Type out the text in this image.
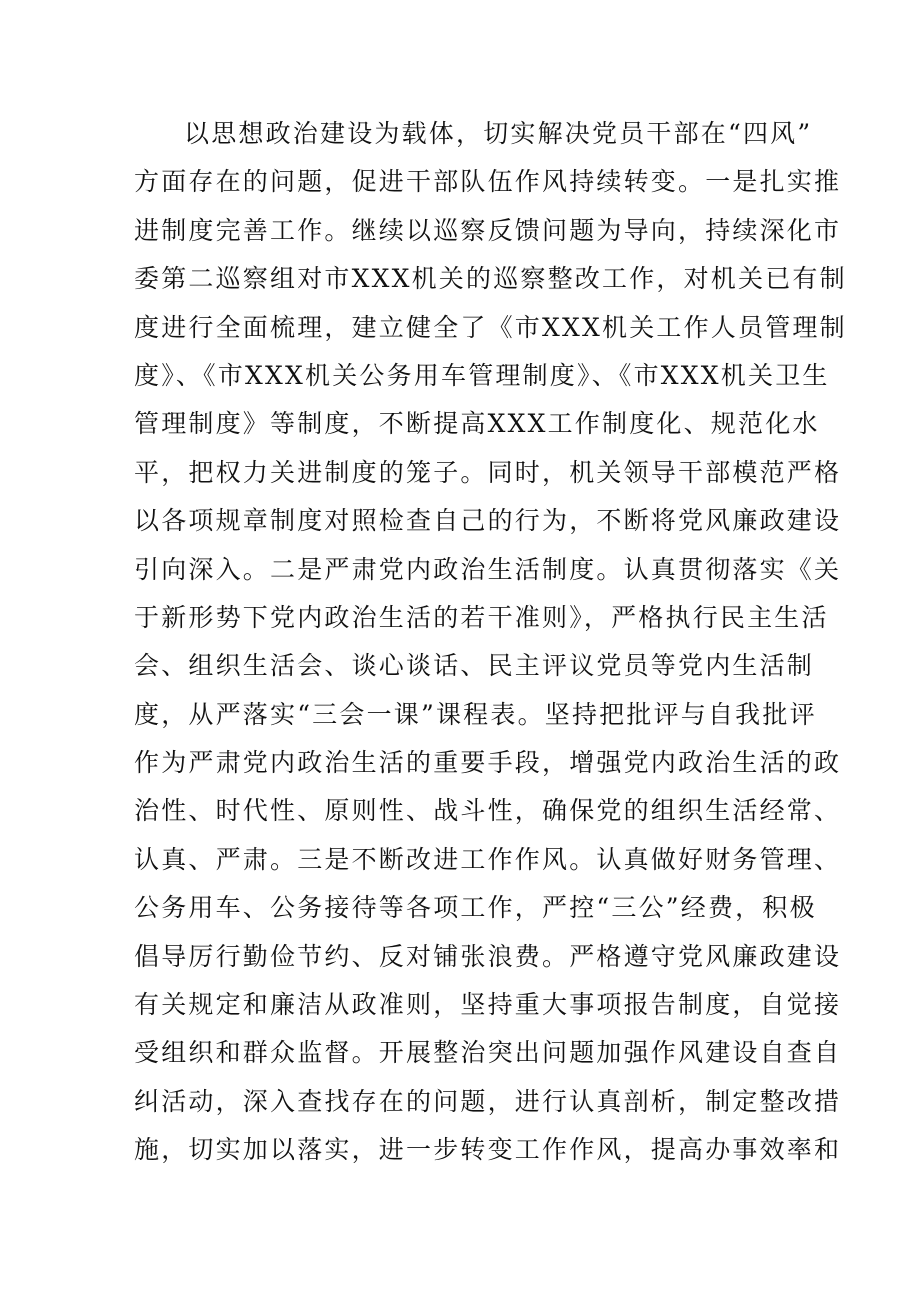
以思想政治建设为载体，切实解决党员干部在“四风”
方面存在的问题，促进干部队伍作风持续转变。一是扎实推
进制度完善工作。继续以巡察反馈问题为导向，持续深化市
委第二巡察组对市XXX机关的巡察整改工作，对机关已有制
度进行全面梳理，建立健全了《市XXX机关工作人员管理制
度》、《市XXX机关公务用车管理制度》、《市XXX机关卫生
管理制度》等制度，不断提高XXX工作制度化、规范化水
平，把权力关进制度的笼子。同时，机关领导干部模范严格
以各项规章制度对照检查自己的行为，不断将党风廉政建设
引向深入。二是严肃党内政治生活制度。认真贯彻落实《关
于新形势下党内政治生活的若干准则》，严格执行民主生活
会、组织生活会、谈心谈话、民主评议党员等党内生活制
度，从严落实“三会一课”课程表。坚持把批评与自我批评
作为严肃党内政治生活的重要手段，增强党内政治生活的政
治性、时代性、原则性、战斗性，确保党的组织生活经常、
认真、严肃。三是不断改进工作作风。认真做好财务管理、
公务用车、公务接待等各项工作，严控“三公”经费，积极
倡导厉行勤俭节约、反对铺张浪费。严格遵守党风廉政建设
有关规定和廉洁从政准则，坚持重大事项报告制度，自觉接
受组织和群众监督。开展整治突出问题加强作风建设自查自
纠活动，深入查找存在的问题，进行认真剖析，制定整改措
施，切实加以落实，进一步转变工作作风，提高办事效率和
